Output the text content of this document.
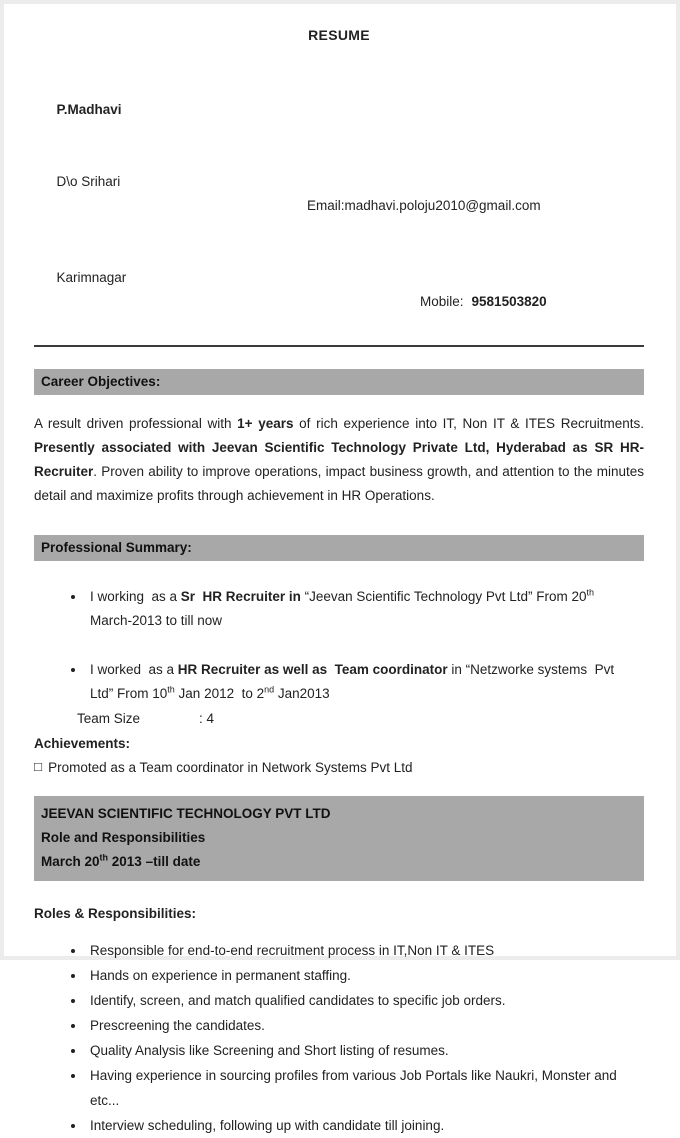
RESUME

P.Madhavi

D\o Srihari

Email:madhavi.poloju2010@gmail.com

Karimnagar

Mobile: 9581503820

Career Objectives:
A result driven professional with 1+ years of rich experience into IT, Non IT & ITES Recruitments.  Presently associated with Jeevan Scientific Technology Private Ltd, Hyderabad as SR HR-Recruiter. Proven ability to improve operations, impact business growth, and attention to the minutes detail and maximize profits through achievement in HR Operations.
Professional Summary:
• I working  as a Sr  HR Recruiter in “Jeevan Scientific Technology Pvt Ltd” From 20th March-2013 to till now
• I worked  as a HR Recruiter as well as  Team coordinator in “Netzworke systems  Pvt Ltd” From 10th Jan 2012  to 2nd Jan2013
Team Size	: 4
Achievements:
□ Promoted as a Team coordinator in Network Systems Pvt Ltd
JEEVAN SCIENTIFIC TECHNOLOGY PVT LTD
Role and Responsibilities
March 20th 2013 –till date
Roles & Responsibilities:
• Responsible for end-to-end recruitment process in IT,Non IT & ITES
• Hands on experience in permanent staffing.
• Identify, screen, and match qualified candidates to specific job orders.
• Prescreening the candidates.
• Quality Analysis like Screening and Short listing of resumes.
• Having experience in sourcing profiles from various Job Portals like Naukri, Monster and etc...
• Interview scheduling, following up with candidate till joining.
